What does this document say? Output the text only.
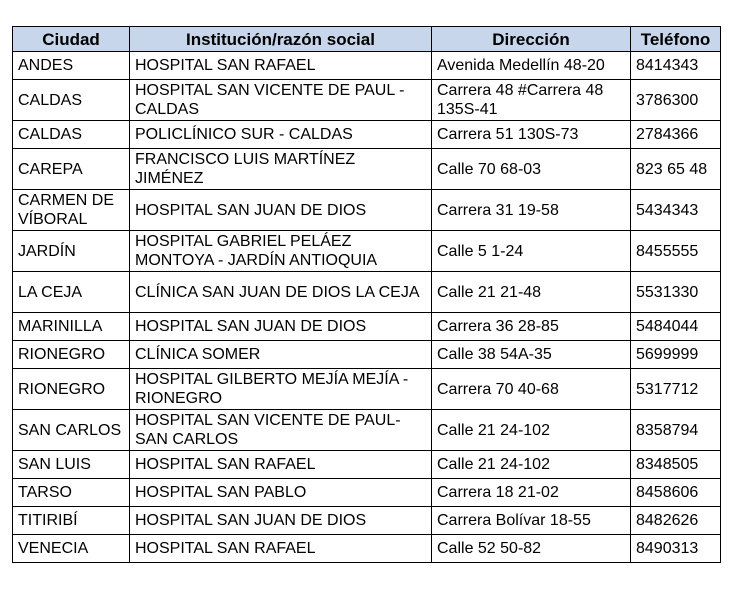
Ciudad	Institución/razón social	Dirección	Teléfono
ANDES	HOSPITAL SAN RAFAEL	Avenida Medellín 48-20	8414343
CALDAS	HOSPITAL SAN VICENTE DE PAUL - CALDAS	Carrera 48 #Carrera 48 135S-41	3786300
CALDAS	POLICLÍNICO SUR - CALDAS	Carrera 51 130S-73	2784366
CAREPA	FRANCISCO LUIS MARTÍNEZ JIMÉNEZ	Calle 70 68-03	823 65 48
CARMEN DE VÍBORAL	HOSPITAL SAN JUAN DE DIOS	Carrera 31 19-58	5434343
JARDÍN	HOSPITAL GABRIEL PELÁEZ MONTOYA - JARDÍN ANTIOQUIA	Calle 5 1-24	8455555
LA CEJA	CLÍNICA SAN JUAN DE DIOS LA CEJA	Calle 21 21-48	5531330
MARINILLA	HOSPITAL SAN JUAN DE DIOS	Carrera 36 28-85	5484044
RIONEGRO	CLÍNICA SOMER	Calle 38 54A-35	5699999
RIONEGRO	HOSPITAL GILBERTO MEJÍA MEJÍA - RIONEGRO	Carrera 70 40-68	5317712
SAN CARLOS	HOSPITAL SAN VICENTE DE PAUL- SAN CARLOS	Calle 21 24-102	8358794
SAN LUIS	HOSPITAL SAN RAFAEL	Calle 21 24-102	8348505
TARSO	HOSPITAL SAN PABLO	Carrera 18 21-02	8458606
TITIRIBÍ	HOSPITAL SAN JUAN DE DIOS	Carrera Bolívar 18-55	8482626
VENECIA	HOSPITAL SAN RAFAEL	Calle 52 50-82	8490313
